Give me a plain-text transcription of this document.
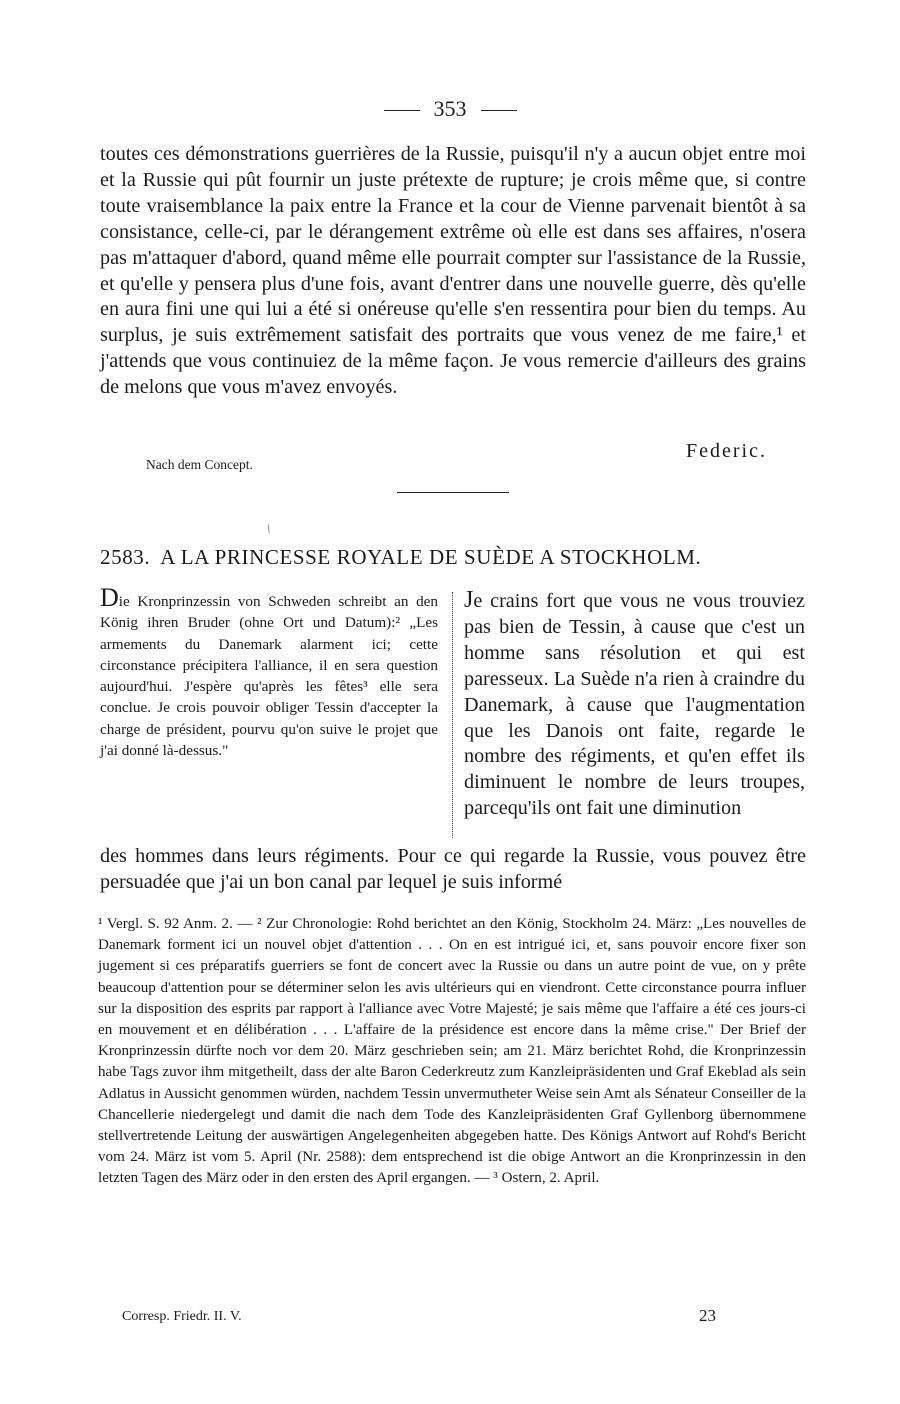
353

toutes ces démonstrations guerrières de la Russie, puisqu'il n'y a aucun objet entre moi et la Russie qui pût fournir un juste prétexte de rupture; je crois même que, si contre toute vraisemblance la paix entre la France et la cour de Vienne parvenait bientôt à sa consistance, celle-ci, par le dérangement extrême où elle est dans ses affaires, n'osera pas m'attaquer d'abord, quand même elle pourrait compter sur l'assistance de la Russie, et qu'elle y pensera plus d'une fois, avant d'entrer dans une nouvelle guerre, dès qu'elle en aura fini une qui lui a été si onéreuse qu'elle s'en ressentira pour bien du temps. Au surplus, je suis extrêmement satisfait des portraits que vous venez de me faire,¹ et j'attends que vous continuiez de la même façon. Je vous remercie d'ailleurs des grains de melons que vous m'avez envoyés.

Federic.
Nach dem Concept.
/
2583. A LA PRINCESSE ROYALE DE SUÈDE A STOCKHOLM.
Die Kronprinzessin von Schweden schreibt an den König ihren Bruder (ohne Ort und Datum):² „Les armements du Danemark alarment ici; cette circonstance précipitera l'alliance, il en sera question aujourd'hui. J'espère qu'après les fêtes³ elle sera conclue. Je crois pouvoir obliger Tessin d'accepter la charge de président, pourvu qu'on suive le projet que j'ai donné là-dessus."
Je crains fort que vous ne vous trouviez pas bien de Tessin, à cause que c'est un homme sans résolution et qui est paresseux. La Suède n'a rien à craindre du Danemark, à cause que l'augmentation que les Danois ont faite, regarde le nombre des régiments, et qu'en effet ils diminuent le nombre de leurs troupes, parcequ'ils ont fait une diminution
des hommes dans leurs régiments. Pour ce qui regarde la Russie, vous pouvez être persuadée que j'ai un bon canal par lequel je suis informé

¹ Vergl. S. 92 Anm. 2. — ² Zur Chronologie: Rohd berichtet an den König, Stockholm 24. März: „Les nouvelles de Danemark forment ici un nouvel objet d'attention . . . On en est intrigué ici, et, sans pouvoir encore fixer son jugement si ces préparatifs guerriers se font de concert avec la Russie ou dans un autre point de vue, on y prête beaucoup d'attention pour se déterminer selon les avis ultérieurs qui en viendront. Cette circonstance pourra influer sur la disposition des esprits par rapport à l'alliance avec Votre Majesté; je sais même que l'affaire a été ces jours-ci en mouvement et en délibération . . . L'affaire de la présidence est encore dans la même crise." Der Brief der Kronprinzessin dürfte noch vor dem 20. März geschrieben sein; am 21. März berichtet Rohd, die Kronprinzessin habe Tags zuvor ihm mitgetheilt, dass der alte Baron Cederkreutz zum Kanzleipräsidenten und Graf Ekeblad als sein Adlatus in Aussicht genommen würden, nachdem Tessin unvermutheter Weise sein Amt als Sénateur Conseiller de la Chancellerie niedergelegt und damit die nach dem Tode des Kanzleipräsidenten Graf Gyllenborg übernommene stellvertretende Leitung der auswärtigen Angelegenheiten abgegeben hatte. Des Königs Antwort auf Rohd's Bericht vom 24. März ist vom 5. April (Nr. 2588): dem entsprechend ist die obige Antwort an die Kronprinzessin in den letzten Tagen des März oder in den ersten des April ergangen. — ³ Ostern, 2. April.

Corresp. Friedr. II. V.	23
